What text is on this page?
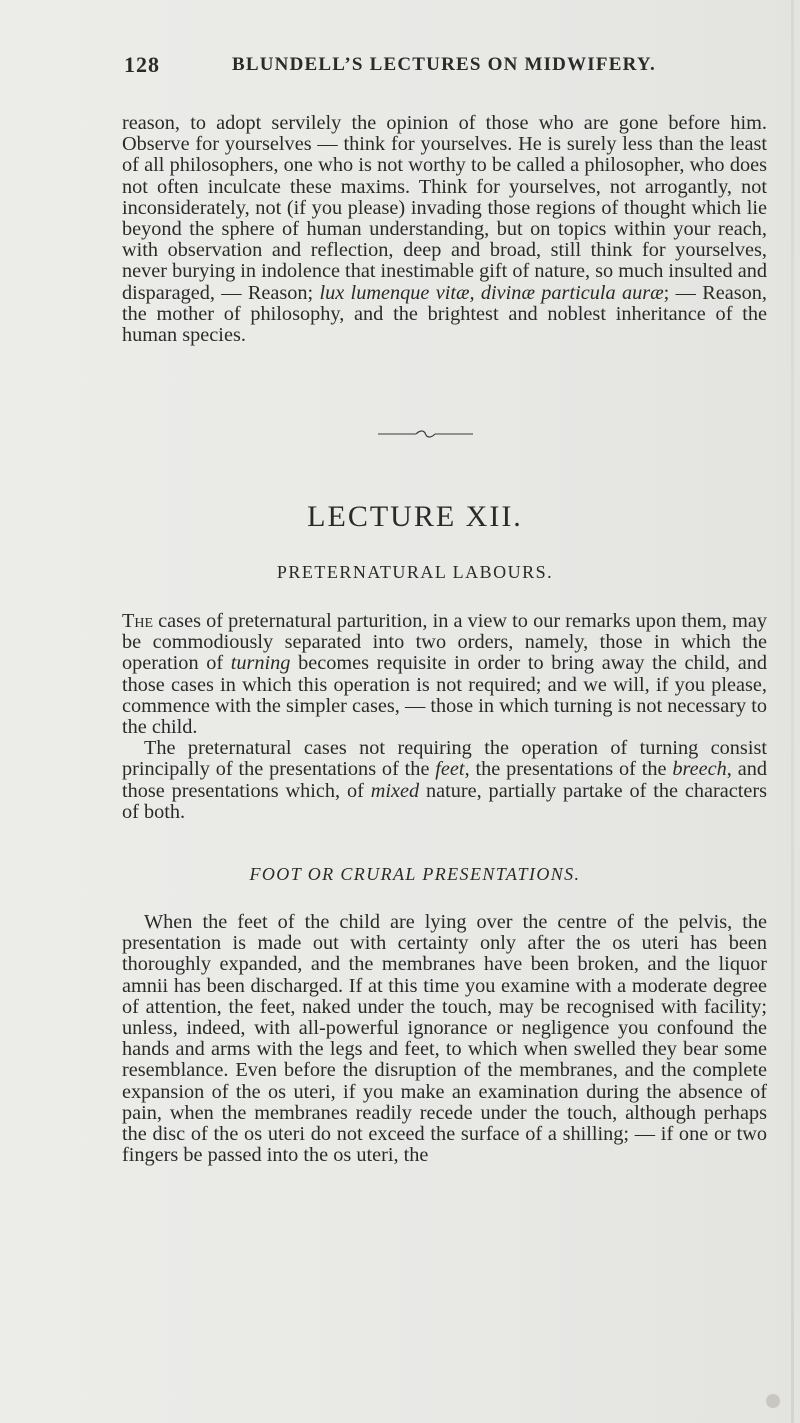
128	BLUNDELL’S LECTURES ON MIDWIFERY.

reason, to adopt servilely the opinion of those who are gone before him. Observe for yourselves — think for yourselves. He is surely less than the least of all philosophers, one who is not worthy to be called a philosopher, who does not often inculcate these maxims. Think for yourselves, not arrogantly, not inconsiderately, not (if you please) invading those regions of thought which lie beyond the sphere of human understanding, but on topics within your reach, with observation and reflection, deep and broad, still think for yourselves, never burying in indolence that inestimable gift of nature, so much insulted and disparaged, — Reason; lux lumenque vitæ, divinæ particula auræ; — Reason, the mother of philosophy, and the brightest and noblest inheritance of the human species.

LECTURE XII.
PRETERNATURAL LABOURS.

The cases of preternatural parturition, in a view to our remarks upon them, may be commodiously separated into two orders, namely, those in which the operation of turning becomes requisite in order to bring away the child, and those cases in which this operation is not required; and we will, if you please, commence with the simpler cases, — those in which turning is not necessary to the child.

The preternatural cases not requiring the operation of turning consist principally of the presentations of the feet, the presentations of the breech, and those presentations which, of mixed nature, partially partake of the characters of both.

FOOT OR CRURAL PRESENTATIONS.

When the feet of the child are lying over the centre of the pelvis, the presentation is made out with certainty only after the os uteri has been thoroughly expanded, and the membranes have been broken, and the liquor amnii has been discharged. If at this time you examine with a moderate degree of attention, the feet, naked under the touch, may be recognised with facility; unless, indeed, with all-powerful ignorance or negligence you confound the hands and arms with the legs and feet, to which when swelled they bear some resemblance. Even before the disruption of the membranes, and the complete expansion of the os uteri, if you make an examination during the absence of pain, when the membranes readily recede under the touch, although perhaps the disc of the os uteri do not exceed the surface of a shilling; — if one or two fingers be passed into the os uteri, the
